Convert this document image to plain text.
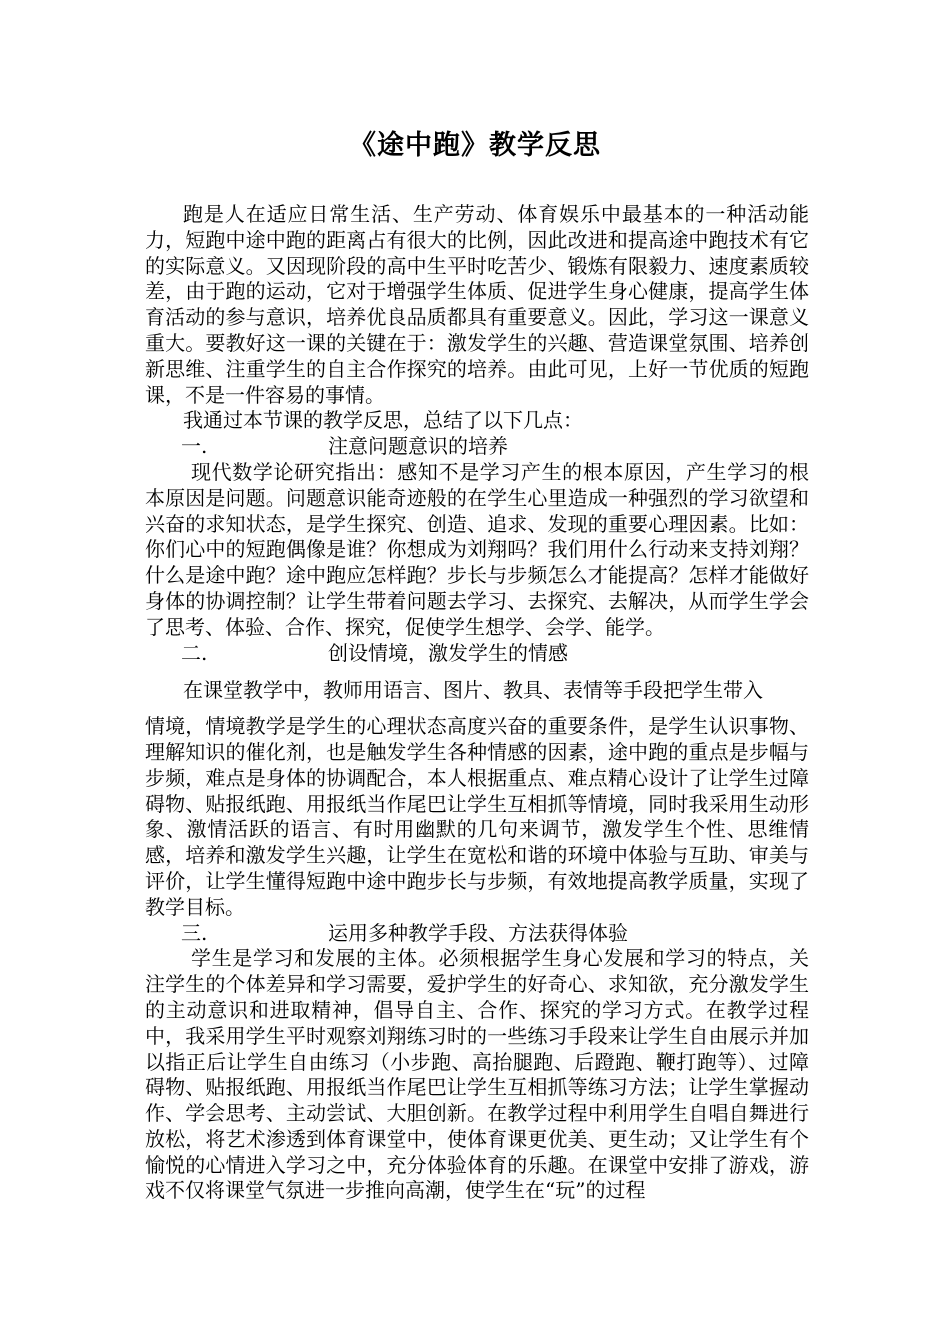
《途中跑》教学反思

跑是人在适应日常生活、生产劳动、体育娱乐中最基本的一种活动能力，短跑中途中跑的距离占有很大的比例，因此改进和提高途中跑技术有它的实际意义。又因现阶段的高中生平时吃苦少、锻炼有限毅力、速度素质较差，由于跑的运动，它对于增强学生体质、促进学生身心健康，提高学生体育活动的参与意识，培养优良品质都具有重要意义。因此，学习这一课意义重大。要教好这一课的关键在于：激发学生的兴趣、营造课堂氛围、培养创新思维、注重学生的自主合作探究的培养。由此可见，上好一节优质的短跑课，不是一件容易的事情。

我通过本节课的教学反思，总结了以下几点：

一.	注意问题意识的培养

现代数学论研究指出：感知不是学习产生的根本原因，产生学习的根本原因是问题。问题意识能奇迹般的在学生心里造成一种强烈的学习欲望和兴奋的求知状态，是学生探究、创造、追求、发现的重要心理因素。比如：你们心中的短跑偶像是谁？你想成为刘翔吗？我们用什么行动来支持刘翔？什么是途中跑？途中跑应怎样跑？步长与步频怎么才能提高？怎样才能做好身体的协调控制？让学生带着问题去学习、去探究、去解决，从而学生学会了思考、体验、合作、探究，促使学生想学、会学、能学。

二.	创设情境，激发学生的情感

在课堂教学中，教师用语言、图片、教具、表情等手段把学生带入

情境，情境教学是学生的心理状态高度兴奋的重要条件，是学生认识事物、理解知识的催化剂，也是触发学生各种情感的因素，途中跑的重点是步幅与步频，难点是身体的协调配合，本人根据重点、难点精心设计了让学生过障碍物、贴报纸跑、用报纸当作尾巴让学生互相抓等情境，同时我采用生动形象、激情活跃的语言、有时用幽默的几句来调节，激发学生个性、思维情感，培养和激发学生兴趣，让学生在宽松和谐的环境中体验与互助、审美与评价，让学生懂得短跑中途中跑步长与步频，有效地提高教学质量，实现了教学目标。

三.	运用多种教学手段、方法获得体验

学生是学习和发展的主体。必须根据学生身心发展和学习的特点，关注学生的个体差异和学习需要，爱护学生的好奇心、求知欲，充分激发学生的主动意识和进取精神，倡导自主、合作、探究的学习方式。在教学过程中，我采用学生平时观察刘翔练习时的一些练习手段来让学生自由展示并加以指正后让学生自由练习（小步跑、高抬腿跑、后蹬跑、鞭打跑等）、过障碍物、贴报纸跑、用报纸当作尾巴让学生互相抓等练习方法；让学生掌握动作、学会思考、主动尝试、大胆创新。在教学过程中利用学生自唱自舞进行放松，将艺术渗透到体育课堂中，使体育课更优美、更生动；又让学生有个愉悦的心情进入学习之中，充分体验体育的乐趣。在课堂中安排了游戏，游戏不仅将课堂气氛进一步推向高潮，使学生在“玩”的过程
